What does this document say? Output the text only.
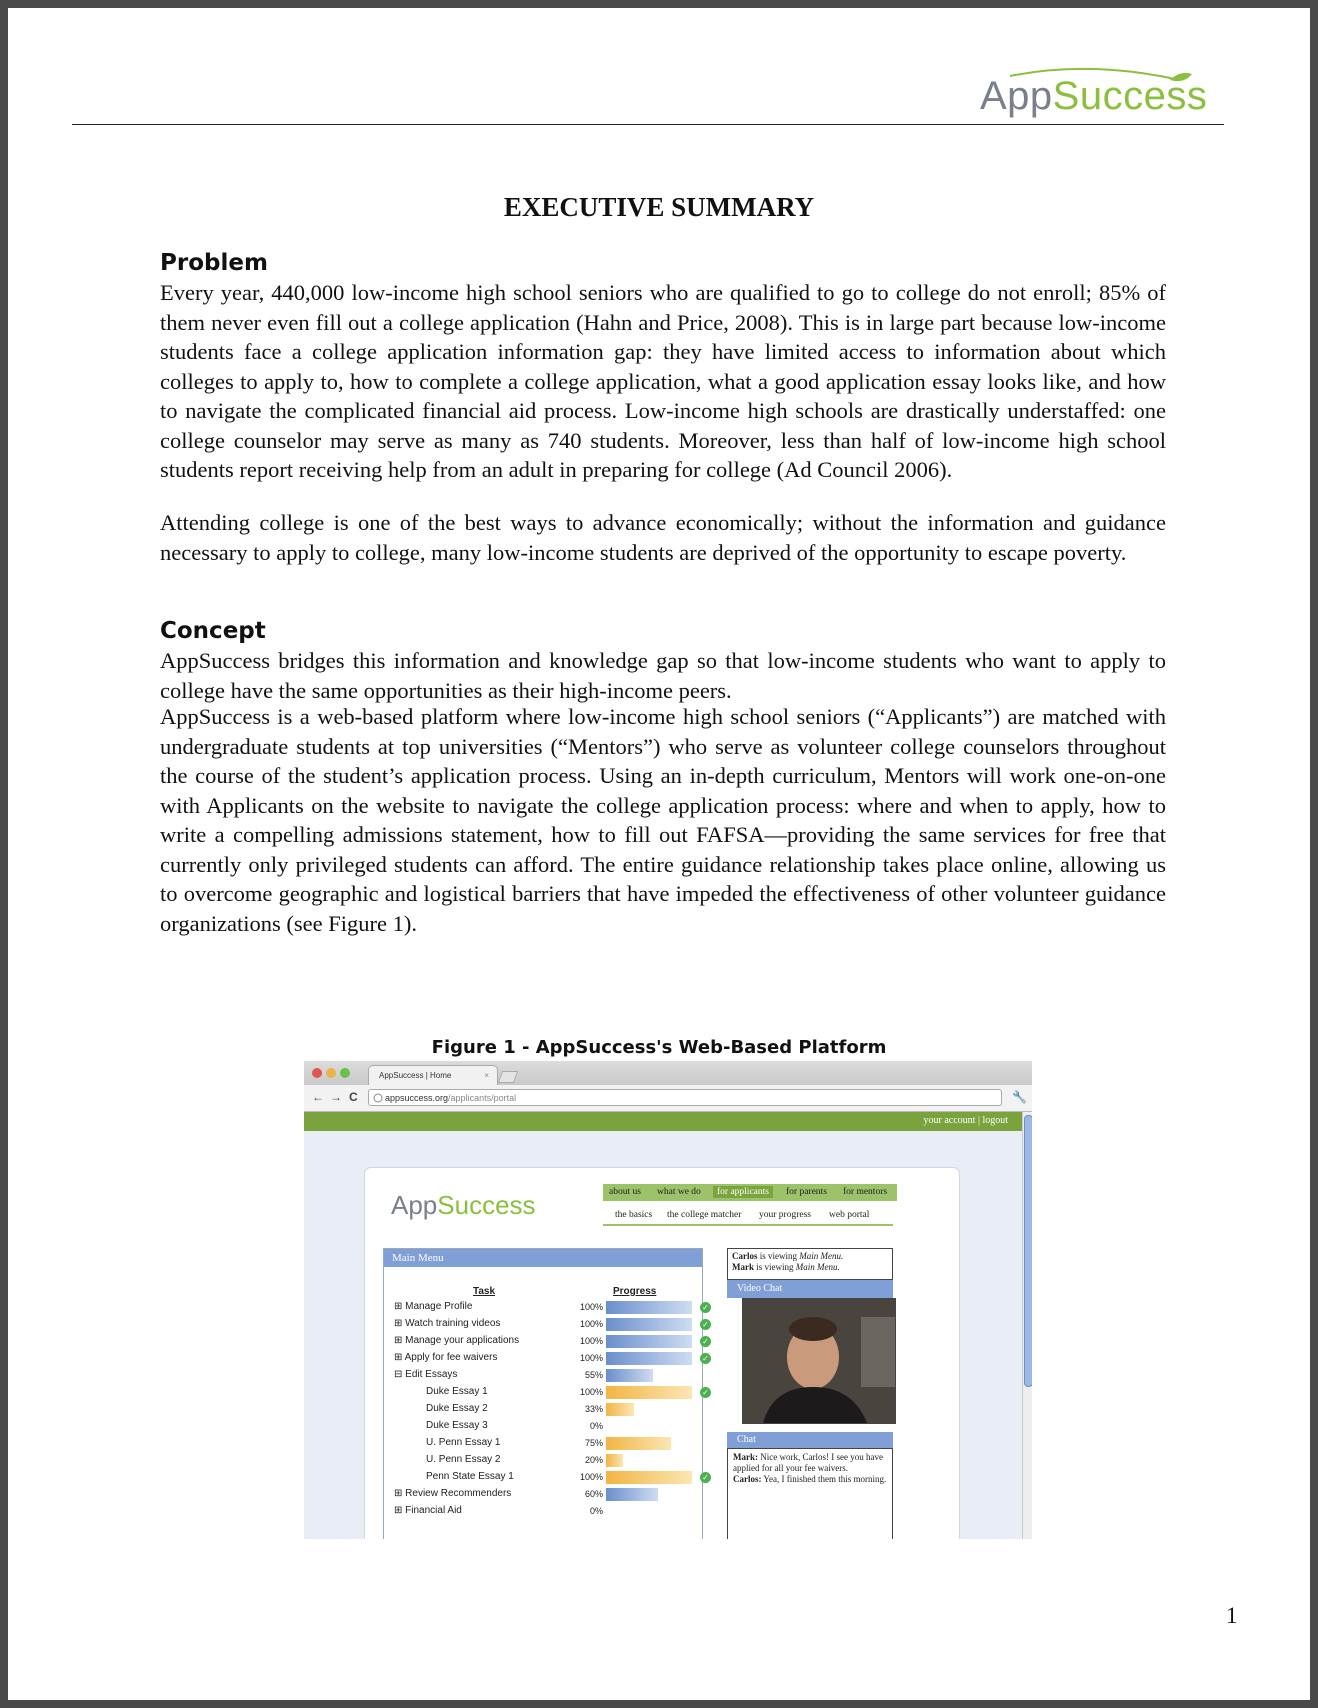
AppSuccess
EXECUTIVE SUMMARY
Problem

Every year, 440,000 low-income high school seniors who are qualified to go to college do not enroll; 85% of them never even fill out a college application (Hahn and Price, 2008). This is in large part because low-income students face a college application information gap: they have limited access to information about which colleges to apply to, how to complete a college application, what a good application essay looks like, and how to navigate the complicated financial aid process. Low-income high schools are drastically understaffed: one college counselor may serve as many as 740 students. Moreover, less than half of low-income high school students report receiving help from an adult in preparing for college (Ad Council 2006).

Attending college is one of the best ways to advance economically; without the information and guidance necessary to apply to college, many low-income students are deprived of the opportunity to escape poverty.

Concept

AppSuccess bridges this information and knowledge gap so that low-income students who want to apply to college have the same opportunities as their high-income peers.

AppSuccess is a web-based platform where low-income high school seniors (“Applicants”) are matched with undergraduate students at top universities (“Mentors”) who serve as volunteer college counselors throughout the course of the student’s application process. Using an in-depth curriculum, Mentors will work one-on-one with Applicants on the website to navigate the college application process: where and when to apply, how to write a compelling admissions statement, how to fill out FAFSA—providing the same services for free that currently only privileged students can afford. The entire guidance relationship takes place online, allowing us to overcome geographic and logistical barriers that have impeded the effectiveness of other volunteer guidance organizations (see Figure 1).

Figure 1 - AppSuccess's Web-Based Platform
AppSuccess | Home	×
← → C	appsuccess.org/applicants/portal	🔧
your account | logout
AppSuccess	about us what we do	for applicants	for parents for mentors
the basics the college matcher your progress web portal
Main Menu
Task	Progress
⊞ Manage Profile	100%	✓
⊞ Watch training videos	100%	✓
⊞ Manage your applications	100%	✓
⊞ Apply for fee waivers	100%	✓
⊟ Edit Essays	55%
Duke Essay 1	100%	✓
Duke Essay 2	33%
Duke Essay 3	0%
U. Penn Essay 1	75%
U. Penn Essay 2	20%
Penn State Essay 1	100%	✓
⊞ Review Recommenders	60%
⊞ Financial Aid	0%
Carlos is viewing Main Menu.
Mark is viewing Main Menu.
Video Chat
Chat
Mark: Nice work, Carlos! I see you have applied for all your fee waivers.
Carlos: Yea, I finished them this morning.
1
